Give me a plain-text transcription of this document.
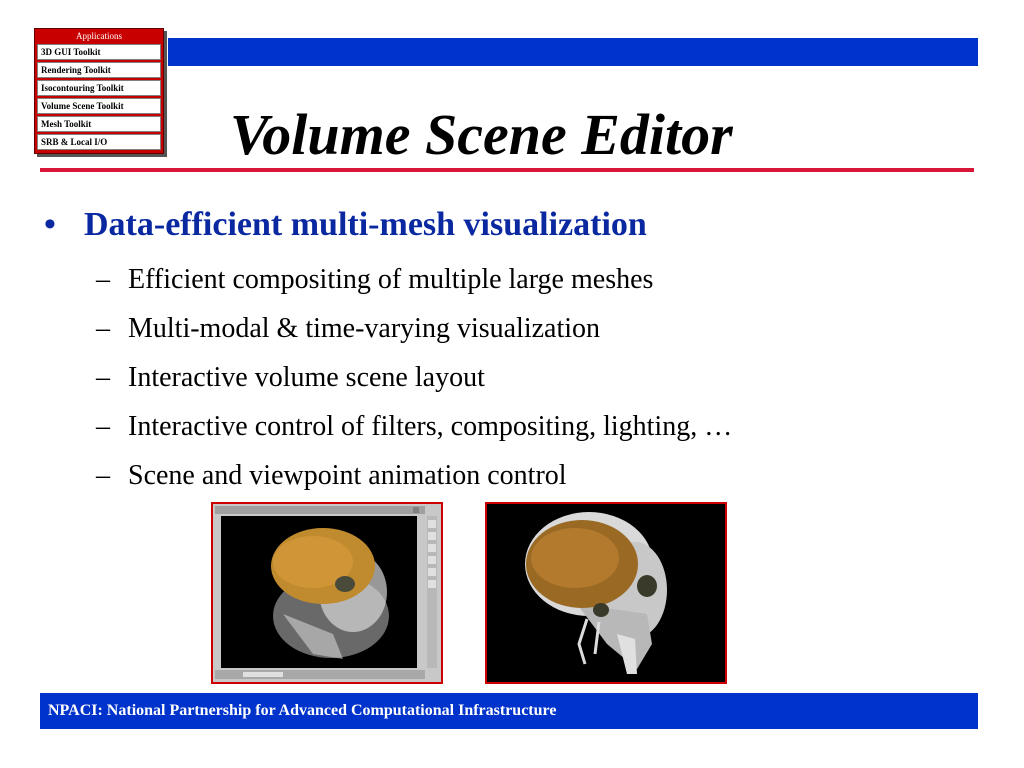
Applications
3D GUI Toolkit
Rendering Toolkit
Isocontouring Toolkit
Volume Scene Toolkit
Mesh Toolkit
SRB & Local I/O	Volume Scene Editor
• Data-efficient multi-mesh visualization
– Efficient compositing of multiple large meshes
– Multi-modal & time-varying visualization
– Interactive volume scene layout
– Interactive control of filters, compositing, lighting, …
– Scene and viewpoint animation control
NPACI: National Partnership for Advanced Computational Infrastructure
